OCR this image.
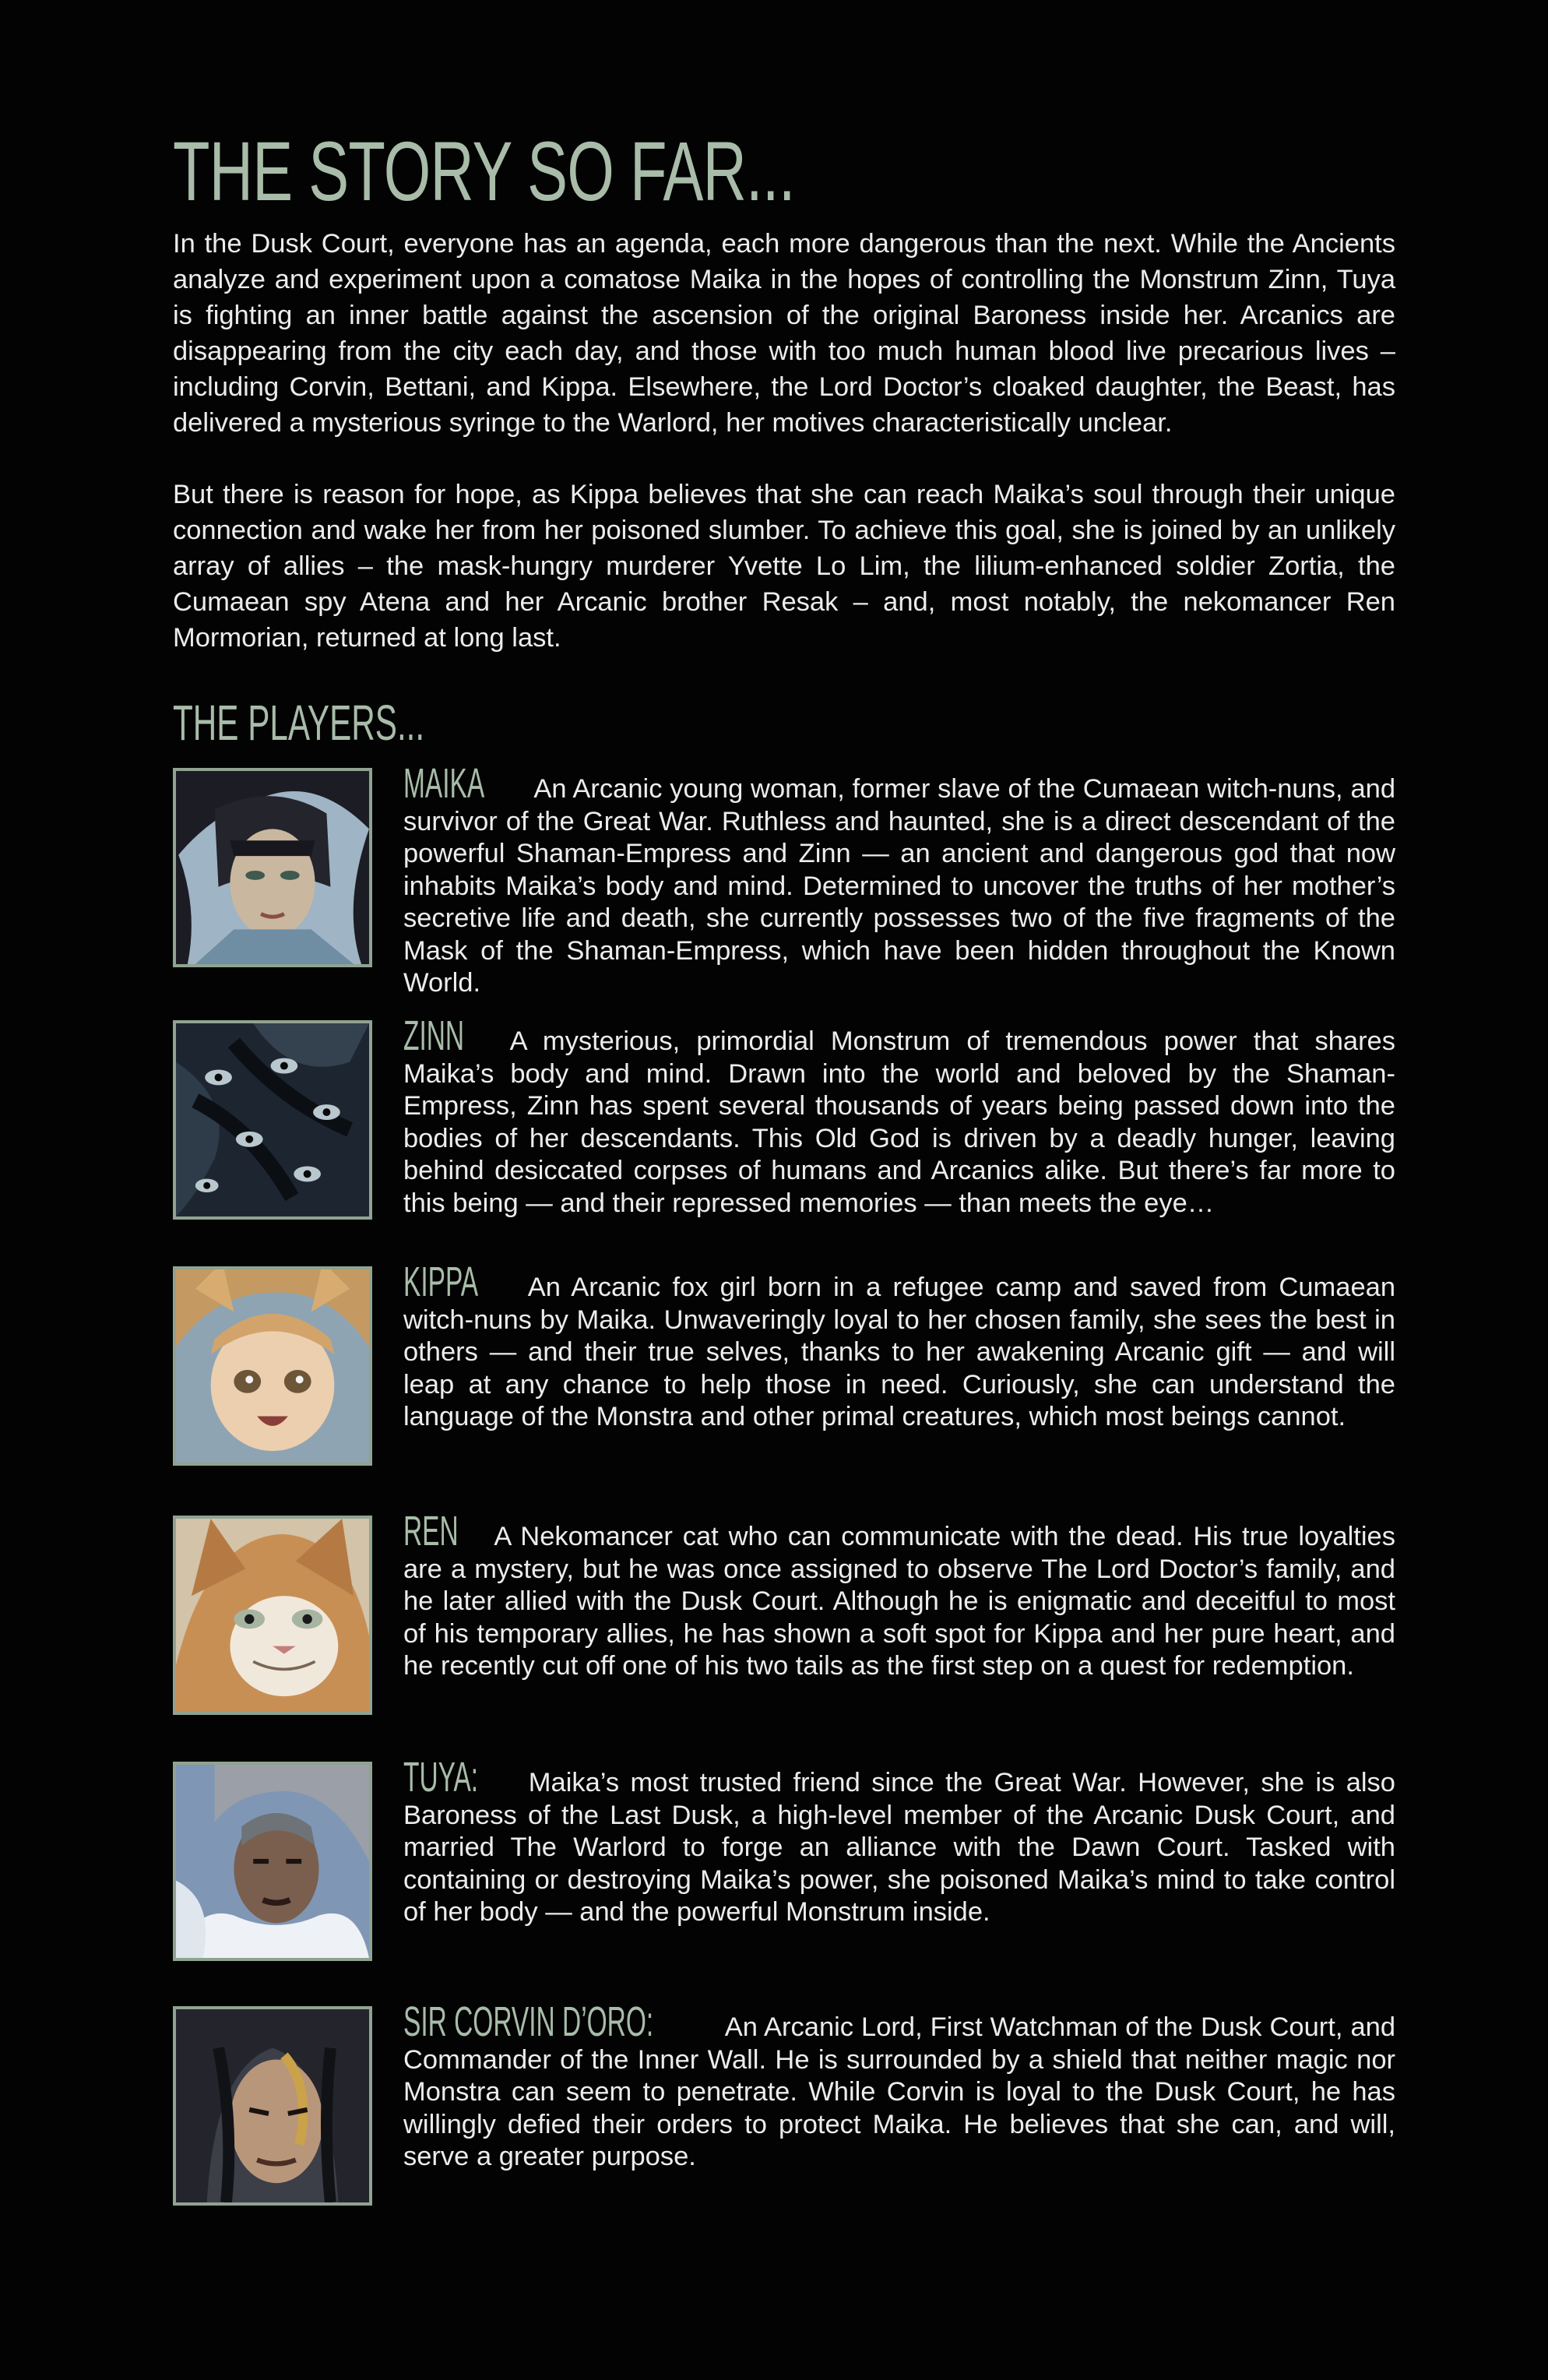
THE STORY SO FAR...

In the Dusk Court, everyone has an agenda, each more dangerous than the next. While the Ancients analyze and experiment upon a comatose Maika in the hopes of controlling the Monstrum Zinn, Tuya is fighting an inner battle against the ascension of the original Baroness inside her. Arcanics are disappearing from the city each day, and those with too much human blood live precarious lives – including Corvin, Bettani, and Kippa. Elsewhere, the Lord Doctor’s cloaked daughter, the Beast, has delivered a mysterious syringe to the Warlord, her motives characteristically unclear.

But there is reason for hope, as Kippa believes that she can reach Maika’s soul through their unique connection and wake her from her poisoned slumber. To achieve this goal, she is joined by an unlikely array of allies – the mask-hungry murderer Yvette Lo Lim, the lilium-enhanced soldier Zortia, the Cumaean spy Atena and her Arcanic brother Resak – and, most notably, the nekomancer Ren Mormorian, returned at long last.

THE PLAYERS...
MAIKA An Arcanic young woman, former slave of the Cumaean witch-nuns, and survivor of the Great War. Ruthless and haunted, she is a direct descendant of the powerful Shaman-Empress and Zinn — an ancient and dangerous god that now inhabits Maika’s body and mind. Determined to uncover the truths of her mother’s secretive life and death, she currently possesses two of the five fragments of the Mask of the Shaman-Empress, which have been hidden throughout the Known World.
ZINN A mysterious, primordial Monstrum of tremendous power that shares Maika’s body and mind. Drawn into the world and beloved by the Shaman-Empress, Zinn has spent several thousands of years being passed down into the bodies of her descendants. This Old God is driven by a deadly hunger, leaving behind desiccated corpses of humans and Arcanics alike. But there’s far more to this being — and their repressed memories — than meets the eye…
KIPPA An Arcanic fox girl born in a refugee camp and saved from Cumaean witch-nuns by Maika. Unwaveringly loyal to her chosen family, she sees the best in others — and their true selves, thanks to her awakening Arcanic gift — and will leap at any chance to help those in need. Curiously, she can understand the language of the Monstra and other primal creatures, which most beings cannot.
REN A Nekomancer cat who can communicate with the dead. His true loyalties are a mystery, but he was once assigned to observe The Lord Doctor’s family, and he later allied with the Dusk Court. Although he is enigmatic and deceitful to most of his temporary allies, he has shown a soft spot for Kippa and her pure heart, and he recently cut off one of his two tails as the first step on a quest for redemption.
TUYA: Maika’s most trusted friend since the Great War. However, she is also Baroness of the Last Dusk, a high-level member of the Arcanic Dusk Court, and married The Warlord to forge an alliance with the Dawn Court. Tasked with containing or destroying Maika’s power, she poisoned Maika’s mind to take control of her body — and the powerful Monstrum inside.
SIR CORVIN D’ORO:	An Arcanic Lord, First Watchman of the Dusk Court, and Commander of the Inner Wall. He is surrounded by a shield that neither magic nor Monstra can seem to penetrate. While Corvin is loyal to the Dusk Court, he has willingly defied their orders to protect Maika. He believes that she can, and will, serve a greater purpose.
